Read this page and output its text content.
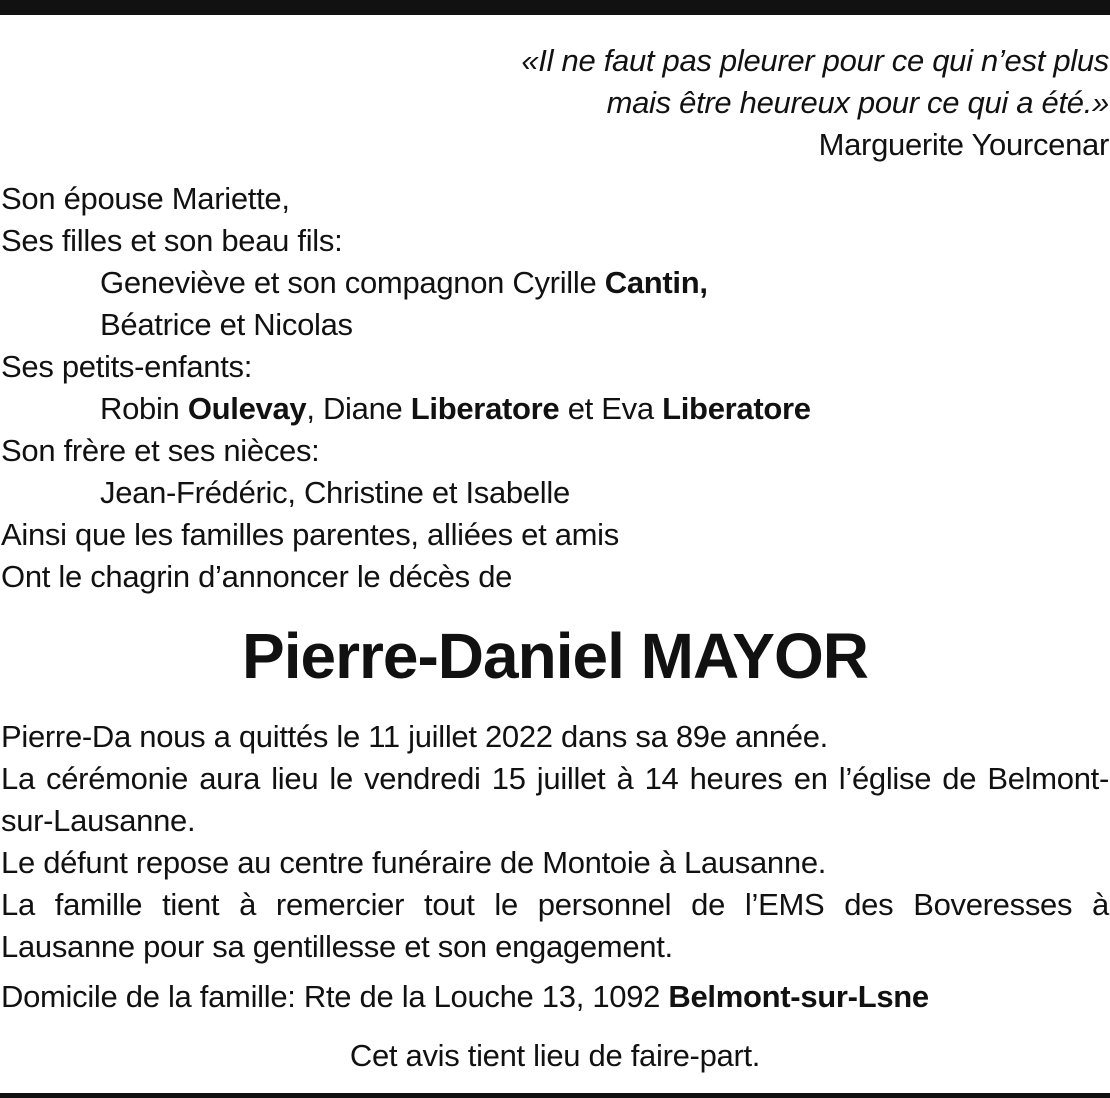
«Il ne faut pas pleurer pour ce qui n’est plus
mais être heureux pour ce qui a été.»
Marguerite Yourcenar
Son épouse Mariette,
Ses filles et son beau fils:
Geneviève et son compagnon Cyrille Cantin,
Béatrice et Nicolas
Ses petits-enfants:
Robin Oulevay, Diane Liberatore et Eva Liberatore
Son frère et ses nièces:
Jean-Frédéric, Christine et Isabelle
Ainsi que les familles parentes, alliées et amis
Ont le chagrin d’annoncer le décès de
Pierre-Daniel MAYOR
Pierre-Da nous a quittés le 11 juillet 2022 dans sa 89e année.
La cérémonie aura lieu le vendredi 15 juillet à 14 heures en l’église de Belmont-sur-Lausanne.
Le défunt repose au centre funéraire de Montoie à Lausanne.
La famille tient à remercier tout le personnel de l’EMS des Boveresses à Lausanne pour sa gentillesse et son engagement.
Domicile de la famille: Rte de la Louche 13, 1092 Belmont-sur-Lsne
Cet avis tient lieu de faire-part.
